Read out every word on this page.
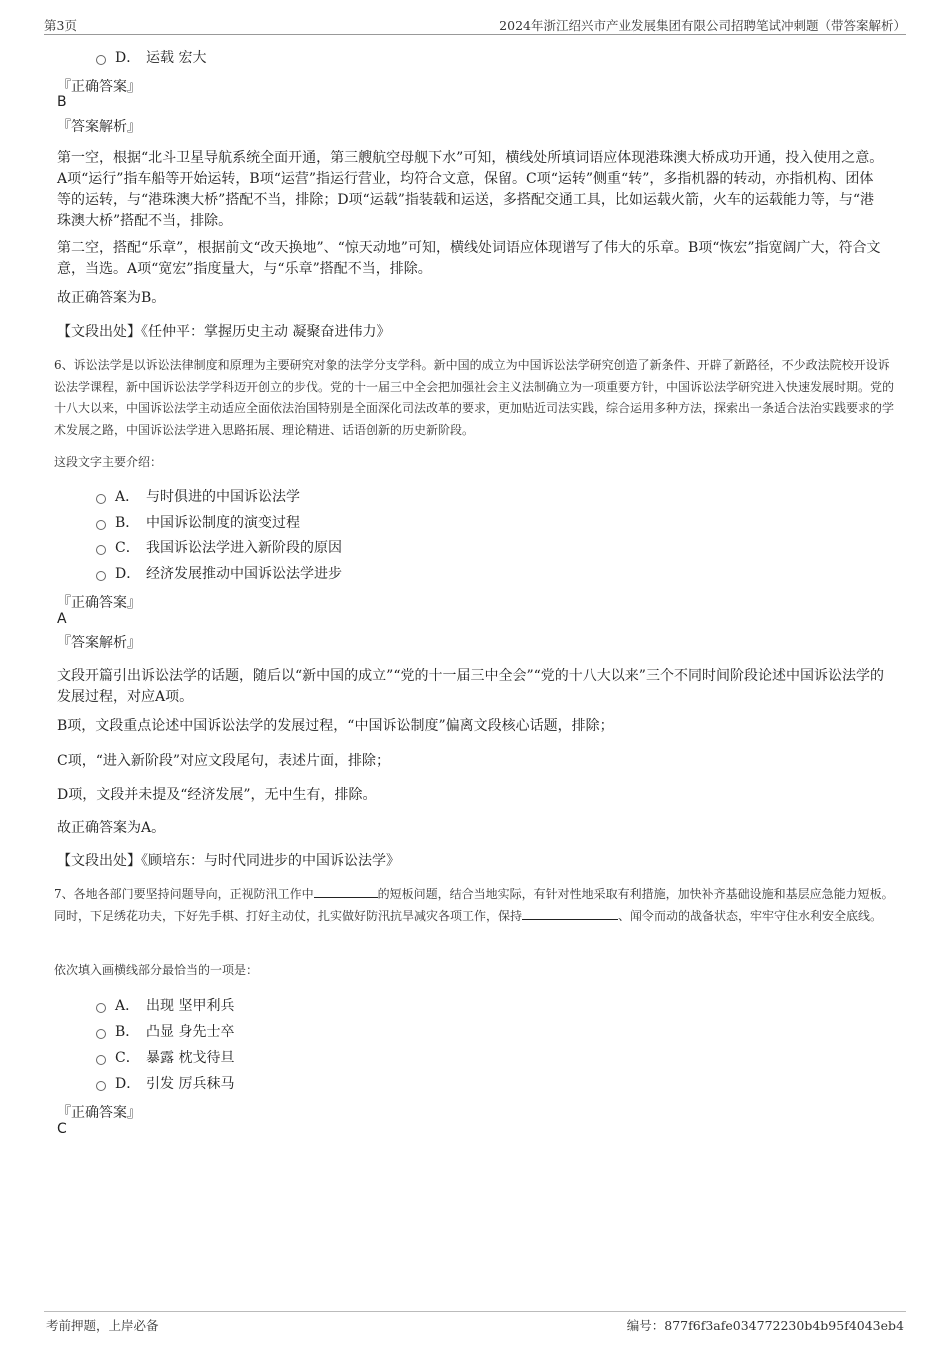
第3页	2024年浙江绍兴市产业发展集团有限公司招聘笔试冲刺题（带答案解析）
D． 运载 宏大
『正确答案』
B
『答案解析』

第一空，根据“北斗卫星导航系统全面开通，第三艘航空母舰下水”可知，横线处所填词语应体现港珠澳大桥成功开通，投入使用之意。A项“运行”指车船等开始运转，B项“运营”指运行营业，均符合文意，保留。C项“运转”侧重“转”，多指机器的转动，亦指机构、团体等的运转，与“港珠澳大桥”搭配不当，排除；D项“运载”指装载和运送，多搭配交通工具，比如运载火箭，火车的运载能力等，与“港珠澳大桥”搭配不当，排除。

第二空，搭配“乐章”，根据前文“改天换地”、“惊天动地”可知，横线处词语应体现谱写了伟大的乐章。B项“恢宏”指宽阔广大，符合文意，当选。A项“宽宏”指度量大，与“乐章”搭配不当，排除。

故正确答案为B。

【文段出处】《任仲平：掌握历史主动 凝聚奋进伟力》

6、诉讼法学是以诉讼法律制度和原理为主要研究对象的法学分支学科。新中国的成立为中国诉讼法学研究创造了新条件、开辟了新路径，不少政法院校开设诉讼法学课程，新中国诉讼法学学科迈开创立的步伐。党的十一届三中全会把加强社会主义法制确立为一项重要方针，中国诉讼法学研究进入快速发展时期。党的十八大以来，中国诉讼法学主动适应全面依法治国特别是全面深化司法改革的要求，更加贴近司法实践，综合运用多种方法，探索出一条适合法治实践要求的学术发展之路，中国诉讼法学进入思路拓展、理论精进、话语创新的历史新阶段。

这段文字主要介绍：
A． 与时俱进的中国诉讼法学
B． 中国诉讼制度的演变过程
C． 我国诉讼法学进入新阶段的原因
D． 经济发展推动中国诉讼法学进步
『正确答案』
A
『答案解析』

文段开篇引出诉讼法学的话题，随后以“新中国的成立”“党的十一届三中全会”“党的十八大以来”三个不同时间阶段论述中国诉讼法学的发展过程，对应A项。

B项，文段重点论述中国诉讼法学的发展过程，“中国诉讼制度”偏离文段核心话题，排除；

C项，“进入新阶段”对应文段尾句，表述片面，排除；

D项，文段并未提及“经济发展”，无中生有，排除。

故正确答案为A。

【文段出处】《顾培东：与时代同进步的中国诉讼法学》

7、各地各部门要坚持问题导向，正视防汛工作中	的短板问题，结合当地实际，有针对性地采取有利措施，加快补齐基础设施和基层应急能力短板。同时，下足绣花功夫，下好先手棋、打好主动仗，扎实做好防汛抗旱减灾各项工作，保持	、闻令而动的战备状态，牢牢守住水利安全底线。

依次填入画横线部分最恰当的一项是：
A． 出现 坚甲利兵
B． 凸显 身先士卒
C． 暴露 枕戈待旦
D． 引发 厉兵秣马
『正确答案』
C
考前押题，上岸必备	编号：877f6f3afe034772230b4b95f4043eb4
